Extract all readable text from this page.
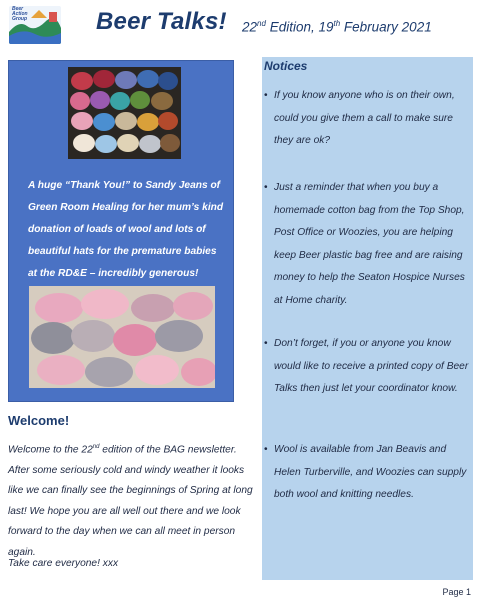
Beer Action Group	Beer Talks! 22nd Edition, 19th February 2021
A huge “Thank You!” to Sandy Jeans of Green Room Healing for her mum’s kind donation of loads of wool and lots of beautiful hats for the premature babies at the RD&E – incredibly generous!
Welcome!
Welcome to the 22nd edition of the BAG newsletter. After some seriously cold and windy weather it looks like we can finally see the beginnings of Spring at long last! We hope you are all well out there and we look forward to the day when we can all meet in person again.
Take care everyone! xxx
Notices
• If you know anyone who is on their own, could you give them a call to make sure they are ok?
• Just a reminder that when you buy a homemade cotton bag from the Top Shop, Post Office or Woozies, you are helping keep Beer plastic bag free and are raising money to help the Seaton Hospice Nurses at Home charity.
• Don’t forget, if you or anyone you know would like to receive a printed copy of Beer Talks then just let your coordinator know.
• Wool is available from Jan Beavis and Helen Turberville, and Woozies can supply both wool and knitting needles.
Page 1
